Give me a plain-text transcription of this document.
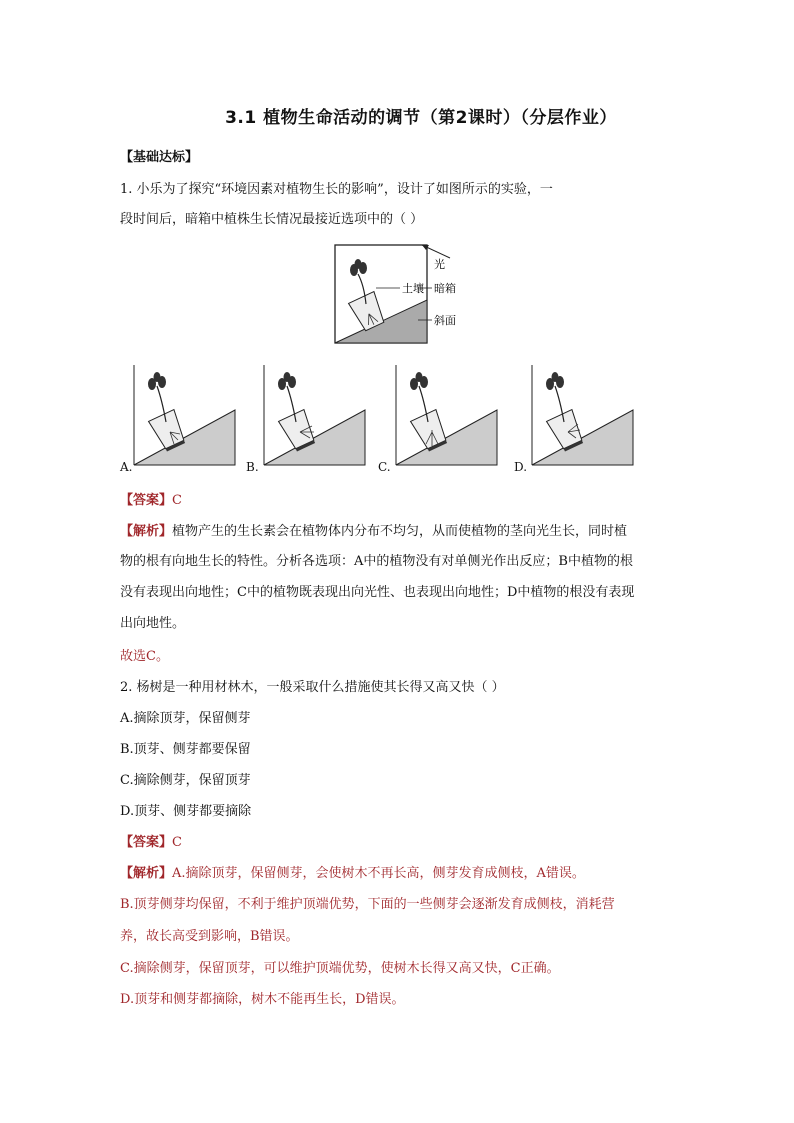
3.1 植物生命活动的调节（第2课时）（分层作业）
【基础达标】
1. 小乐为了探究“环境因素对植物生长的影响”，设计了如图所示的实验，一
段时间后，暗箱中植株生长情况最接近选项中的（ ）
光
土壤 暗箱
斜面
A.	B.	C.	D.
【答案】C
【解析】植物产生的生长素会在植物体内分布不均匀，从而使植物的茎向光生长，同时植
物的根有向地生长的特性。分析各选项：A中的植物没有对单侧光作出反应；B中植物的根
没有表现出向地性；C中的植物既表现出向光性、也表现出向地性；D中植物的根没有表现
出向地性。
故选C。
2. 杨树是一种用材林木，一般采取什么措施使其长得又高又快（ ）
A.摘除顶芽，保留侧芽
B.顶芽、侧芽都要保留
C.摘除侧芽，保留顶芽
D.顶芽、侧芽都要摘除
【答案】C
【解析】A.摘除顶芽，保留侧芽，会使树木不再长高，侧芽发育成侧枝，A错误。
B.顶芽侧芽均保留，不利于维护顶端优势，下面的一些侧芽会逐渐发育成侧枝，消耗营
养，故长高受到影响，B错误。
C.摘除侧芽，保留顶芽，可以维护顶端优势，使树木长得又高又快，C正确。
D.顶芽和侧芽都摘除，树木不能再生长，D错误。
